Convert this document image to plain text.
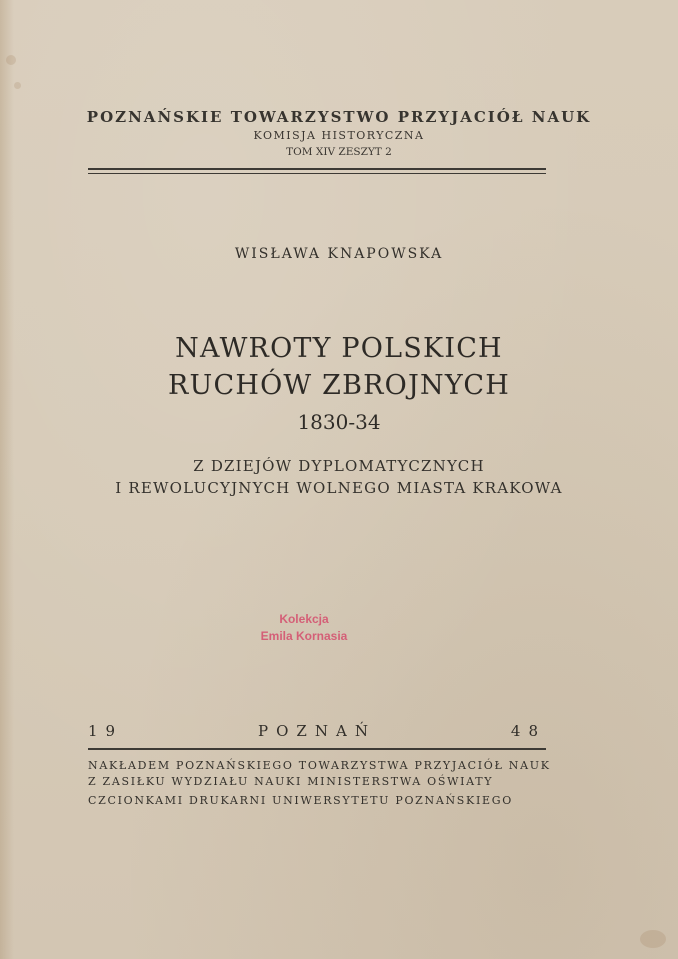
POZNAŃSKIE TOWARZYSTWO PRZYJACIÓŁ NAUK
KOMISJA HISTORYCZNA
TOM XIV ZESZYT 2
WISŁAWA KNAPOWSKA
NAWROTY POLSKICH
RUCHÓW ZBROJNYCH
1830-34
Z DZIEJÓW DYPLOMATYCZNYCH
I REWOLUCYJNYCH WOLNEGO MIASTA KRAKOWA
Kolekcja
Emila Kornasia
19	POZNAŃ	48
NAKŁADEM POZNAŃSKIEGO TOWARZYSTWA PRZYJACIÓŁ NAUK
Z ZASIŁKU WYDZIAŁU NAUKI MINISTERSTWA OŚWIATY
CZCIONKAMI DRUKARNI UNIWERSYTETU POZNAŃSKIEGO
